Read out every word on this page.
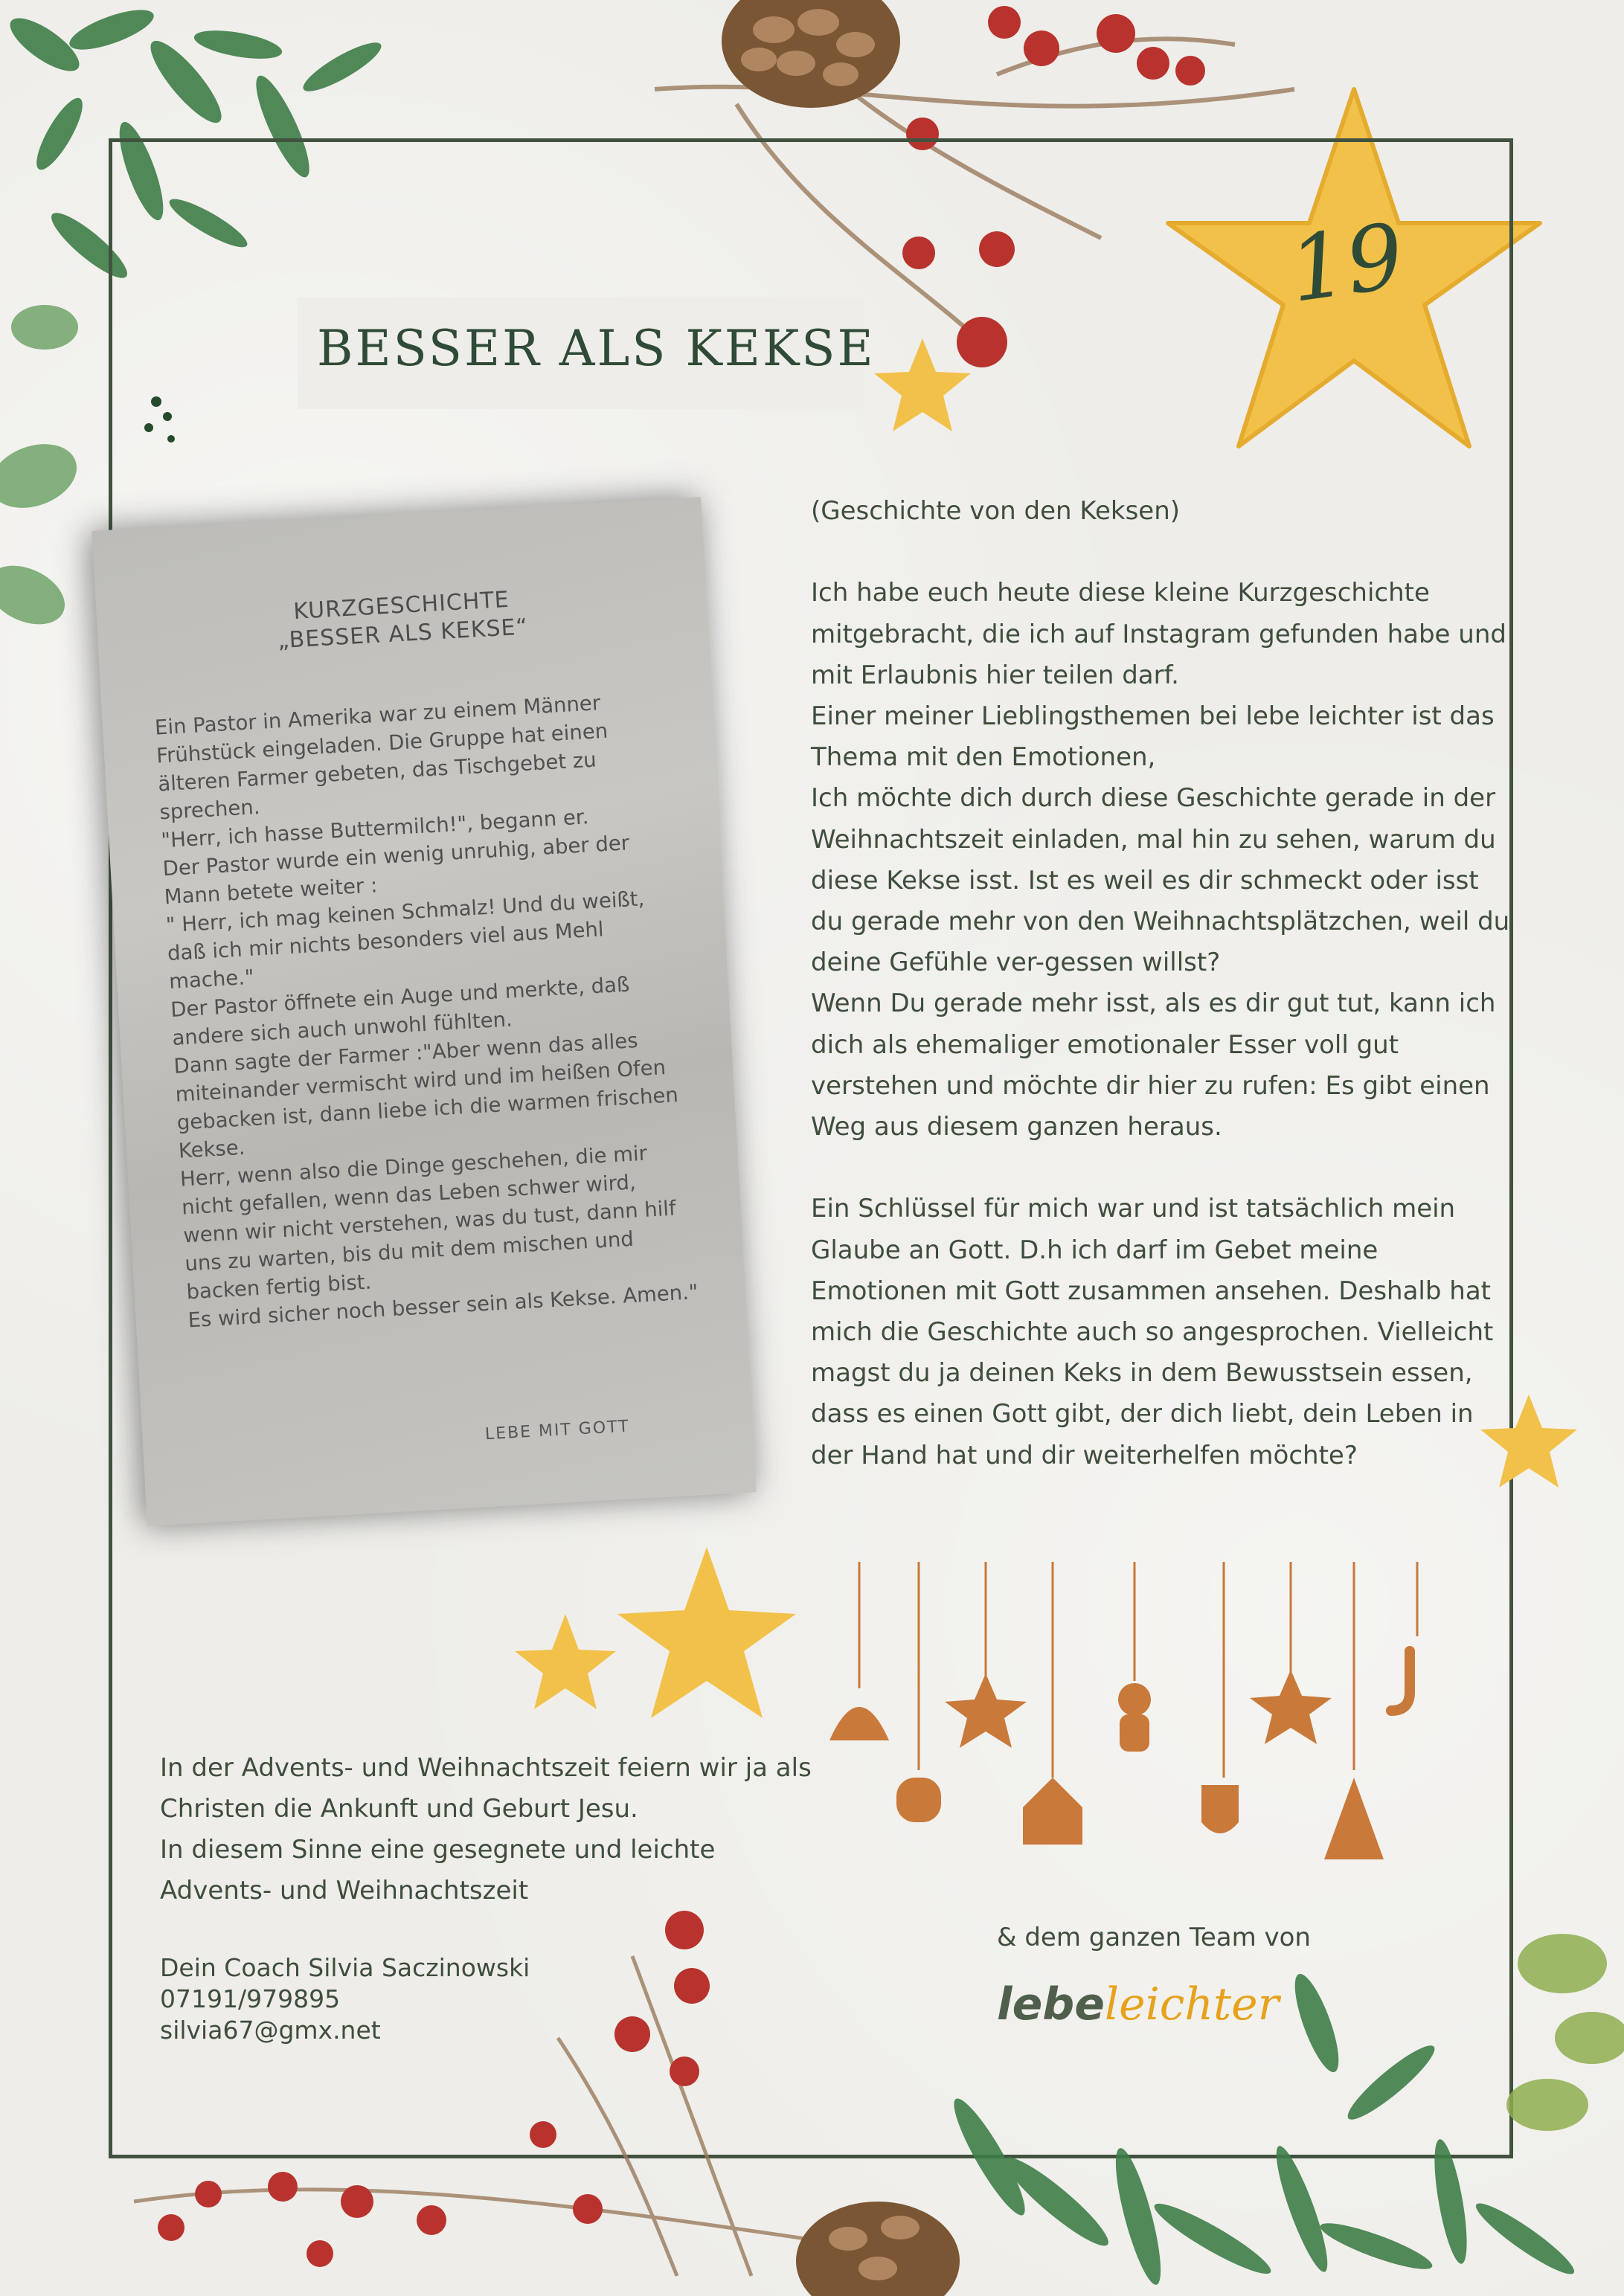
19
BESSER ALS KEKSE
KURZGESCHICHTE
„BESSER ALS KEKSE“

Ein Pastor in Amerika war zu einem Männer Frühstück eingeladen. Die Gruppe hat einen älteren Farmer gebeten, das Tischgebet zu sprechen.
"Herr, ich hasse Buttermilch!", begann er.
Der Pastor wurde ein wenig unruhig, aber der Mann betete weiter :
" Herr, ich mag keinen Schmalz! Und du weißt, daß ich mir nichts besonders viel aus Mehl mache."
Der Pastor öffnete ein Auge und merkte, daß andere sich auch unwohl fühlten.
Dann sagte der Farmer :"Aber wenn das alles miteinander vermischt wird und im heißen Ofen gebacken ist, dann liebe ich die warmen frischen Kekse.
Herr, wenn also die Dinge geschehen, die mir nicht gefallen, wenn das Leben schwer wird, wenn wir nicht verstehen, was du tust, dann hilf uns zu warten, bis du mit dem mischen und backen fertig bist.
Es wird sicher noch besser sein als Kekse. Amen."

LEBE MIT GOTT

(Geschichte von den Keksen)

Ich habe euch heute diese kleine Kurzgeschichte mitgebracht, die ich auf Instagram gefunden habe und mit Erlaubnis hier teilen darf.
Einer meiner Lieblingsthemen bei lebe leichter ist das Thema mit den Emotionen,
Ich möchte dich durch diese Geschichte gerade in der Weihnachtszeit einladen, mal hin zu sehen, warum du diese Kekse isst. Ist es weil es dir schmeckt oder isst du gerade mehr von den Weihnachtsplätzchen, weil du deine Gefühle ver-gessen willst?
Wenn Du gerade mehr isst, als es dir gut tut, kann ich dich als ehemaliger emotionaler Esser voll gut verstehen und möchte dir hier zu rufen: Es gibt einen Weg aus diesem ganzen heraus.

Ein Schlüssel für mich war und ist tatsächlich mein Glaube an Gott. D.h ich darf im Gebet meine Emotionen mit Gott zusammen ansehen. Deshalb hat mich die Geschichte auch so angesprochen. Vielleicht magst du ja deinen Keks in dem Bewusstsein essen, dass es einen Gott gibt, der dich liebt, dein Leben in der Hand hat und dir weiterhelfen möchte?

In der Advents- und Weihnachtszeit feiern wir ja als Christen die Ankunft und Geburt Jesu.
In diesem Sinne eine gesegnete und leichte Advents- und Weihnachtszeit

Dein Coach Silvia Saczinowski
07191/979895
silvia67@gmx.net
& dem ganzen Team von
lebeleichter
